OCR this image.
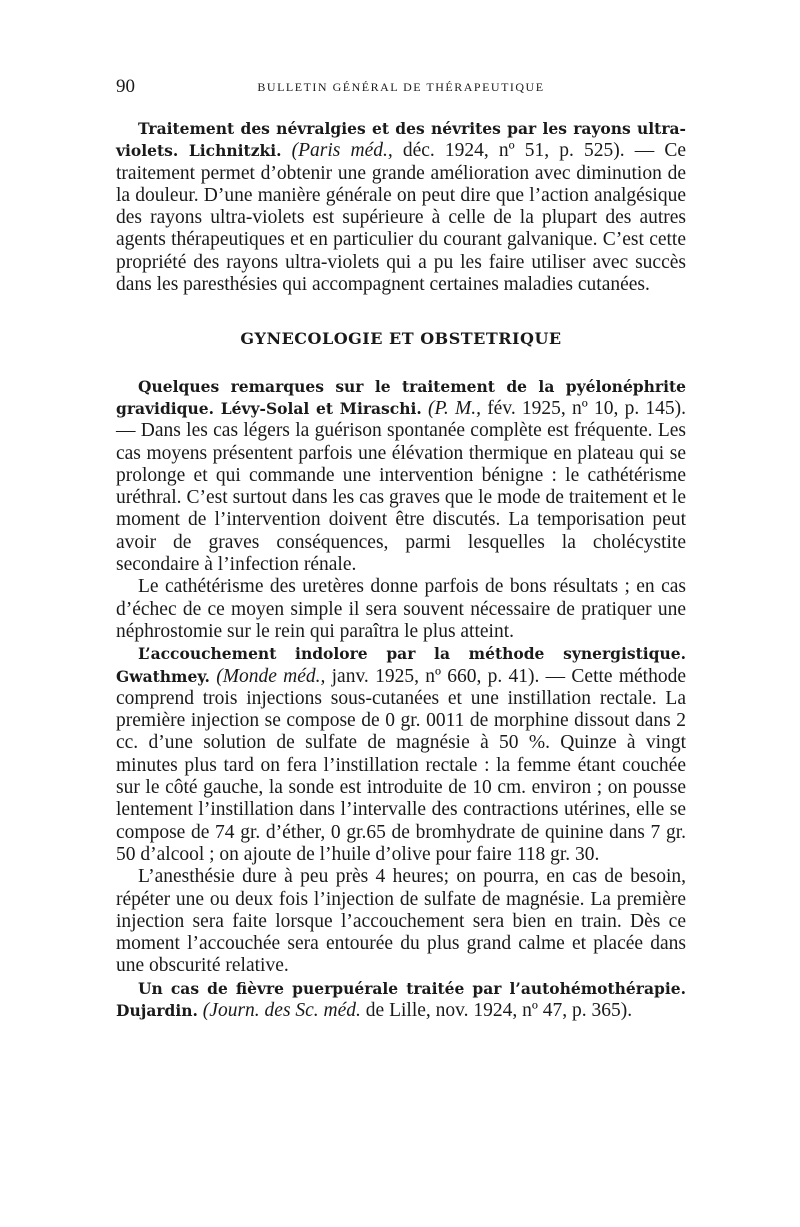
90	BULLETIN GÉNÉRAL DE THÉRAPEUTIQUE

Traitement des névralgies et des névrites par les rayons ultra-violets. Lichnitzki. (Paris méd., déc. 1924, nº 51, p. 525). — Ce traitement permet d’obtenir une grande amélioration avec diminution de la douleur. D’une manière générale on peut dire que l’action analgésique des rayons ultra-violets est supérieure à celle de la plupart des autres agents thérapeutiques et en particulier du courant galvanique. C’est cette propriété des rayons ultra-violets qui a pu les faire utiliser avec succès dans les paresthésies qui accompagnent certaines maladies cutanées.

GYNECOLOGIE ET OBSTETRIQUE

Quelques remarques sur le traitement de la pyélonéphrite gravidique. Lévy-Solal et Miraschi. (P. M., fév. 1925, nº 10, p. 145). — Dans les cas légers la guérison spontanée complète est fréquente. Les cas moyens présentent parfois une élévation thermique en plateau qui se prolonge et qui commande une intervention bénigne : le cathétérisme uréthral. C’est surtout dans les cas graves que le mode de traitement et le moment de l’intervention doivent être discutés. La temporisation peut avoir de graves conséquences, parmi lesquelles la cholécystite secondaire à l’infection rénale.

Le cathétérisme des uretères donne parfois de bons résultats ; en cas d’échec de ce moyen simple il sera souvent nécessaire de pratiquer une néphrostomie sur le rein qui paraîtra le plus atteint.

L’accouchement indolore par la méthode synergistique. Gwathmey. (Monde méd., janv. 1925, nº 660, p. 41). — Cette méthode comprend trois injections sous-cutanées et une instillation rectale. La première injection se compose de 0 gr. 0011 de morphine dissout dans 2 cc. d’une solution de sulfate de magnésie à 50 %. Quinze à vingt minutes plus tard on fera l’instillation rectale : la femme étant couchée sur le côté gauche, la sonde est introduite de 10 cm. environ ; on pousse lentement l’instillation dans l’intervalle des contractions utérines, elle se compose de 74 gr. d’éther, 0 gr.65 de bromhydrate de quinine dans 7 gr. 50 d’alcool ; on ajoute de l’huile d’olive pour faire 118 gr. 30.

L’anesthésie dure à peu près 4 heures; on pourra, en cas de besoin, répéter une ou deux fois l’injection de sulfate de magnésie. La première injection sera faite lorsque l’accouchement sera bien en train. Dès ce moment l’accouchée sera entourée du plus grand calme et placée dans une obscurité relative.

Un cas de fièvre puerpuérale traitée par l’autohémothérapie. Dujardin. (Journ. des Sc. méd. de Lille, nov. 1924, nº 47, p. 365).
